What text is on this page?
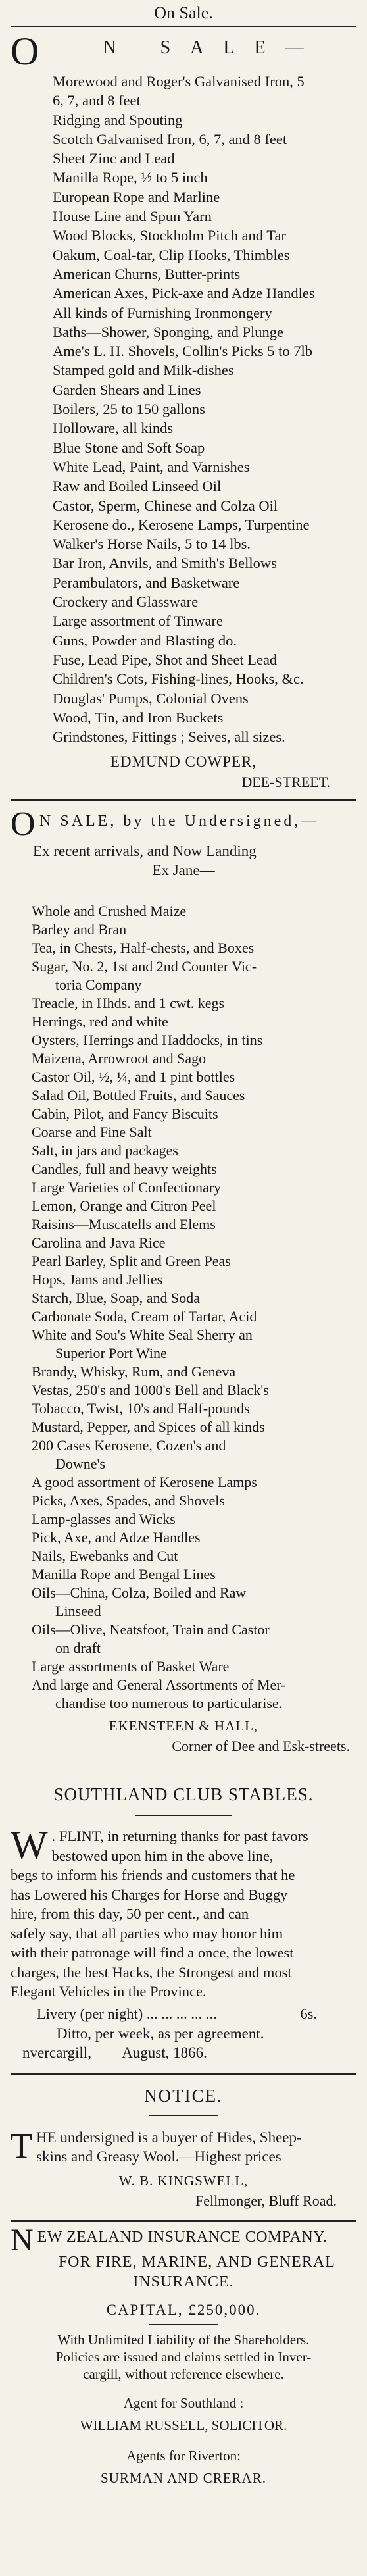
On Sale.
O	N SALE—
Morewood and Roger's Galvanised Iron, 5
6, 7, and 8 feet
Ridging and Spouting
Scotch Galvanised Iron, 6, 7, and 8 feet
Sheet Zinc and Lead
Manilla Rope, ½ to 5 inch
European Rope and Marline
House Line and Spun Yarn
Wood Blocks, Stockholm Pitch and Tar
Oakum, Coal-tar, Clip Hooks, Thimbles
American Churns, Butter-prints
American Axes, Pick-axe and Adze Handles
All kinds of Furnishing Ironmongery
Baths—Shower, Sponging, and Plunge
Ame's L. H. Shovels, Collin's Picks 5 to 7lb
Stamped gold and Milk-dishes
Garden Shears and Lines
Boilers, 25 to 150 gallons
Holloware, all kinds
Blue Stone and Soft Soap
White Lead, Paint, and Varnishes
Raw and Boiled Linseed Oil
Castor, Sperm, Chinese and Colza Oil
Kerosene do., Kerosene Lamps, Turpentine
Walker's Horse Nails, 5 to 14 lbs.
Bar Iron, Anvils, and Smith's Bellows
Perambulators, and Basketware
Crockery and Glassware
Large assortment of Tinware
Guns, Powder and Blasting do.
Fuse, Lead Pipe, Shot and Sheet Lead
Children's Cots, Fishing-lines, Hooks, &c.
Douglas' Pumps, Colonial Ovens
Wood, Tin, and Iron Buckets
Grindstones, Fittings ; Seives, all sizes.
EDMUND COWPER,
DEE-STREET.
O N SALE, by the Undersigned,—
Ex recent arrivals, and Now Landing
Ex Jane—
Whole and Crushed Maize
Barley and Bran
Tea, in Chests, Half-chests, and Boxes
Sugar, No. 2, 1st and 2nd Counter Vic-
toria Company
Treacle, in Hhds. and 1 cwt. kegs
Herrings, red and white
Oysters, Herrings and Haddocks, in tins
Maizena, Arrowroot and Sago
Castor Oil, ½, ¼, and 1 pint bottles
Salad Oil, Bottled Fruits, and Sauces
Cabin, Pilot, and Fancy Biscuits
Coarse and Fine Salt
Salt, in jars and packages
Candles, full and heavy weights
Large Varieties of Confectionary
Lemon, Orange and Citron Peel
Raisins—Muscatells and Elems
Carolina and Java Rice
Pearl Barley, Split and Green Peas
Hops, Jams and Jellies
Starch, Blue, Soap, and Soda
Carbonate Soda, Cream of Tartar, Acid
White and Sou's White Seal Sherry an
Superior Port Wine
Brandy, Whisky, Rum, and Geneva
Vestas, 250's and 1000's Bell and Black's
Tobacco, Twist, 10's and Half-pounds
Mustard, Pepper, and Spices of all kinds
200 Cases Kerosene, Cozen's and
Downe's
A good assortment of Kerosene Lamps
Picks, Axes, Spades, and Shovels
Lamp-glasses and Wicks
Pick, Axe, and Adze Handles
Nails, Ewebanks and Cut
Manilla Rope and Bengal Lines
Oils—China, Colza, Boiled and Raw
Linseed
Oils—Olive, Neatsfoot, Train and Castor
on draft
Large assortments of Basket Ware
And large and General Assortments of Mer-
chandise too numerous to particularise.
EKENSTEEN & HALL,
Corner of Dee and Esk-streets.
SOUTHLAND CLUB STABLES.
W . FLINT, in returning thanks for past favors
bestowed upon him in the above line,
begs to inform his friends and customers that he
has Lowered his Charges for Horse and Buggy
hire, from this day, 50 per cent., and can
safely say, that all parties who may honor him
with their patronage will find a once, the lowest
charges, the best Hacks, the Strongest and most
Elegant Vehicles in the Province.
Livery (per night) ... ... ... ... ...	6s.
Ditto, per week, as per agreement.
nvercargill, August, 1866.
NOTICE.
T HE undersigned is a buyer of Hides, Sheep-
skins and Greasy Wool.—Highest prices
W. B. KINGSWELL,
Fellmonger, Bluff Road.
N EW ZEALAND INSURANCE COMPANY.
FOR FIRE, MARINE, AND GENERAL
INSURANCE.
CAPITAL, £250,000.
With Unlimited Liability of the Shareholders.
Policies are issued and claims settled in Inver-
cargill, without reference elsewhere.
Agent for Southland :
WILLIAM RUSSELL, SOLICITOR.
Agents for Riverton:
SURMAN AND CRERAR.
